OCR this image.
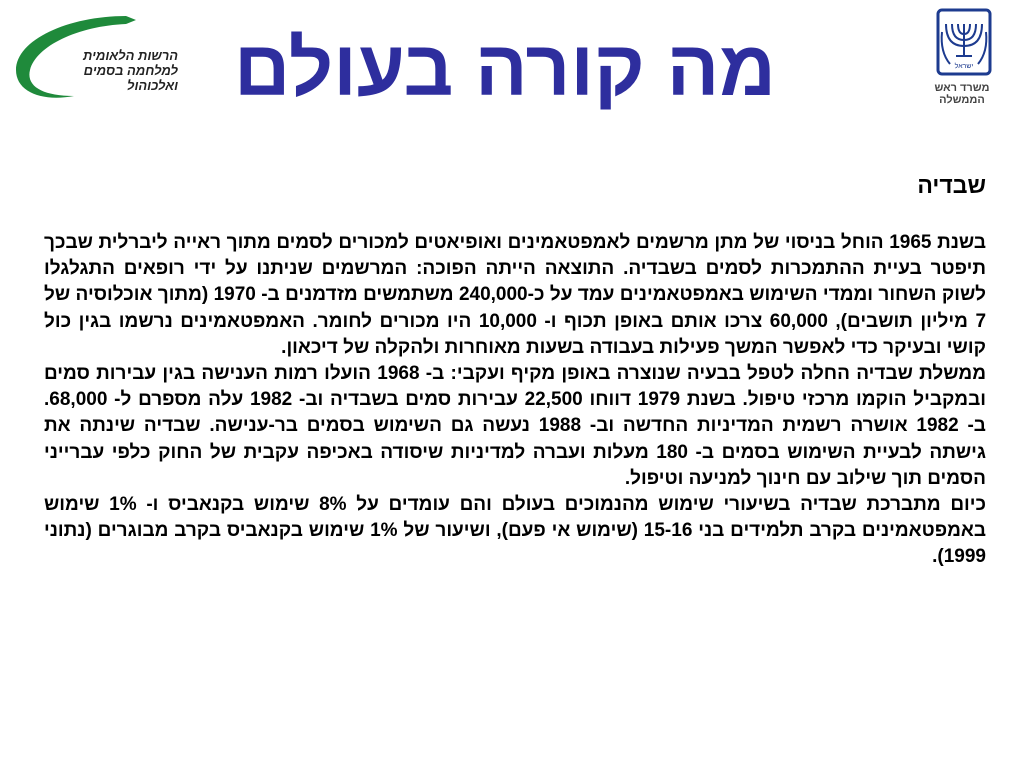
הרשות הלאומית
למלחמה בסמים
ואלכוהול מה קורה בעולם	ישראל
משרד ראש הממשלה
שבדיה

בשנת 1965 הוחל בניסוי של מתן מרשמים לאמפטאמינים ואופיאטים למכורים לסמים מתוך ראייה ליברלית שבכך תיפטר בעיית ההתמכרות לסמים בשבדיה. התוצאה הייתה הפוכה: המרשמים שניתנו על ידי רופאים התגלגלו לשוק השחור וממדי השימוש באמפטאמינים עמד על כ-240,000 משתמשים מזדמנים ב- 1970 (מתוך אוכלוסיה של 7 מיליון תושבים), 60,000 צרכו אותם באופן תכוף ו- 10,000 היו מכורים לחומר. האמפטאמינים נרשמו בגין כול קושי ובעיקר כדי לאפשר המשך פעילות בעבודה בשעות מאוחרות ולהקלה של דיכאון.

ממשלת שבדיה החלה לטפל בבעיה שנוצרה באופן מקיף ועקבי: ב- 1968 הועלו רמות הענישה בגין עבירות סמים ובמקביל הוקמו מרכזי טיפול. בשנת 1979 דווחו 22,500 עבירות סמים בשבדיה וב- 1982 עלה מספרם ל- 68,000. ב- 1982 אושרה רשמית המדיניות החדשה וב- 1988 נעשה גם השימוש בסמים בר-ענישה. שבדיה שינתה את גישתה לבעיית השימוש בסמים ב- 180 מעלות ועברה למדיניות שיסודה באכיפה עקבית של החוק כלפי עברייני הסמים תוך שילוב עם חינוך למניעה וטיפול.

כיום מתברכת שבדיה בשיעורי שימוש מהנמוכים בעולם והם עומדים על 8% שימוש בקנאביס ו- 1% שימוש באמפטאמינים בקרב תלמידים בני 15-16 (שימוש אי פעם), ושיעור של 1% שימוש בקנאביס בקרב מבוגרים (נתוני 1999).
